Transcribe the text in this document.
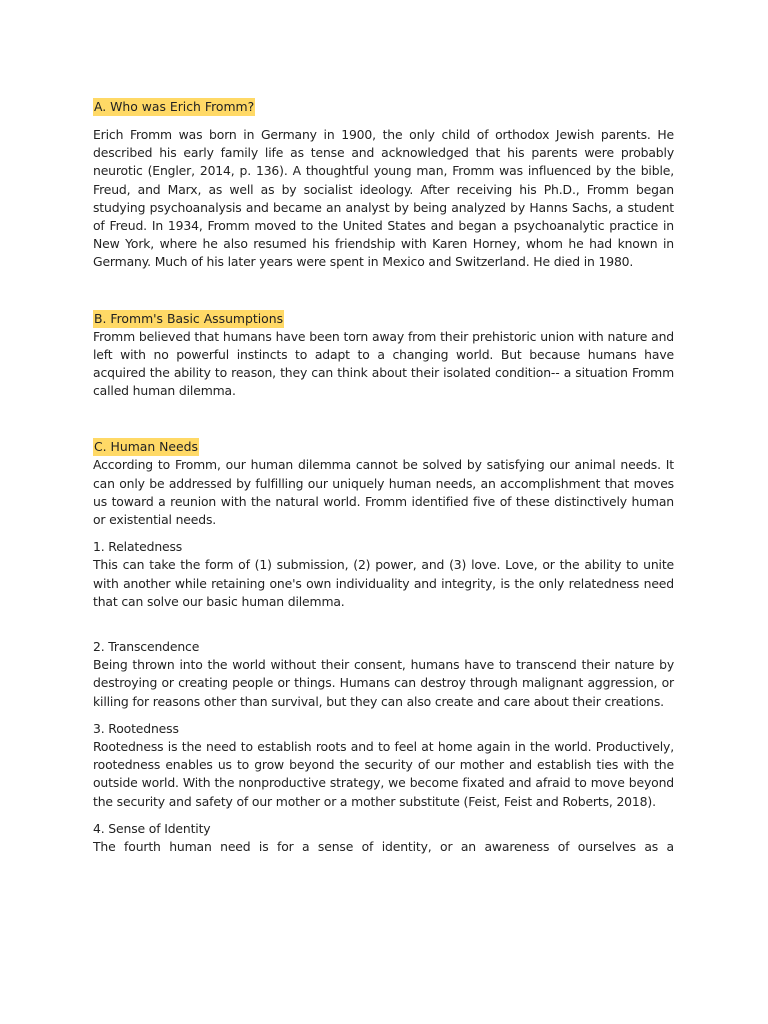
A. Who was Erich Fromm?

Erich Fromm was born in Germany in 1900, the only child of orthodox Jewish parents. He described his early family life as tense and acknowledged that his parents were probably neurotic (Engler, 2014, p. 136). A thoughtful young man, Fromm was influenced by the bible, Freud, and Marx, as well as by socialist ideology. After receiving his Ph.D., Fromm began studying psychoanalysis and became an analyst by being analyzed by Hanns Sachs, a student of Freud. In 1934, Fromm moved to the United States and began a psychoanalytic practice in New York, where he also resumed his friendship with Karen Horney, whom he had known in Germany. Much of his later years were spent in Mexico and Switzerland. He died in 1980.

B. Fromm's Basic Assumptions

Fromm believed that humans have been torn away from their prehistoric union with nature and left with no powerful instincts to adapt to a changing world. But because humans have acquired the ability to reason, they can think about their isolated condition-- a situation Fromm called human dilemma.

C. Human Needs

According to Fromm, our human dilemma cannot be solved by satisfying our animal needs. It can only be addressed by fulfilling our uniquely human needs, an accomplishment that moves us toward a reunion with the natural world. Fromm identified five of these distinctively human or existential needs.

1. Relatedness

This can take the form of (1) submission, (2) power, and (3) love. Love, or the ability to unite with another while retaining one's own individuality and integrity, is the only relatedness need that can solve our basic human dilemma.

2. Transcendence

Being thrown into the world without their consent, humans have to transcend their nature by destroying or creating people or things. Humans can destroy through malignant aggression, or killing for reasons other than survival, but they can also create and care about their creations.

3. Rootedness

Rootedness is the need to establish roots and to feel at home again in the world. Productively, rootedness enables us to grow beyond the security of our mother and establish ties with the outside world. With the nonproductive strategy, we become fixated and afraid to move beyond the security and safety of our mother or a mother substitute (Feist, Feist and Roberts, 2018).

4. Sense of Identity

The fourth human need is for a sense of identity, or an awareness of ourselves as a
